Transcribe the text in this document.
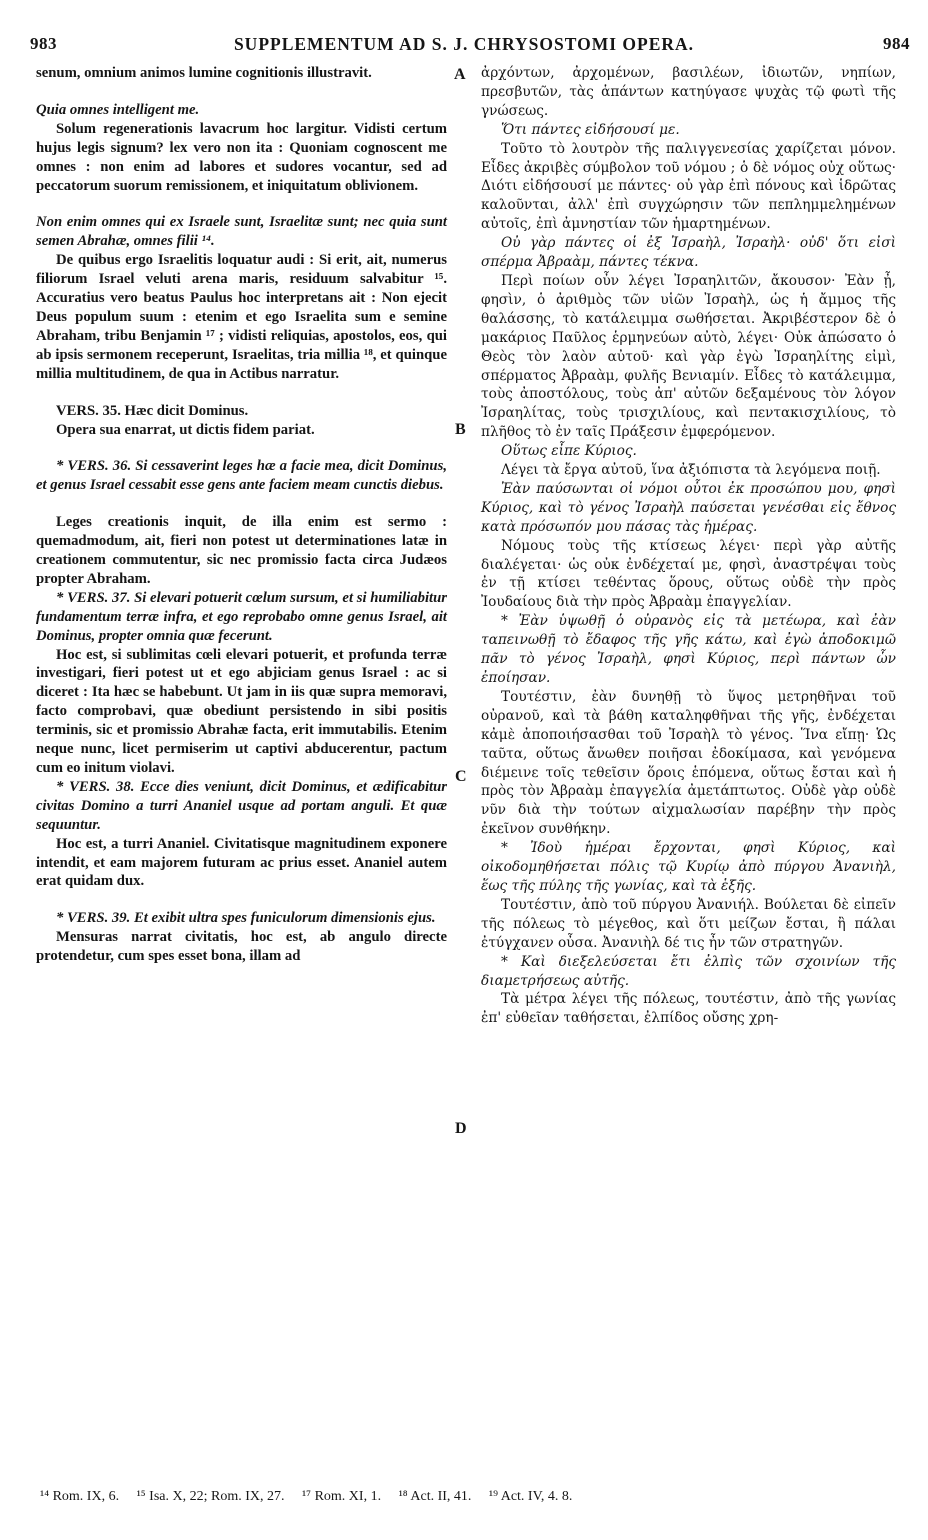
983	SUPPLEMENTUM AD S. J. CHRYSOSTOMI OPERA.	984
A
B
C
D

senum, omnium animos lumine cognitionis illustravit.

Quia omnes intelligent me.

Solum regenerationis lavacrum hoc largitur. Vidisti certum hujus legis signum? lex vero non ita : Quoniam cognoscent me omnes : non enim ad labores et sudores vocantur, sed ad peccatorum suorum remissionem, et iniquitatum oblivionem.

Non enim omnes qui ex Israele sunt, Israelitæ sunt; nec quia sunt semen Abrahæ, omnes filii ¹⁴.

De quibus ergo Israelitis loquatur audi : Si erit, ait, numerus filiorum Israel veluti arena maris, residuum salvabitur ¹⁵. Accuratius vero beatus Paulus hoc interpretans ait : Non ejecit Deus populum suum : etenim et ego Israelita sum e semine Abraham, tribu Benjamin ¹⁷ ; vidisti reliquias, apostolos, eos, qui ab ipsis sermonem receperunt, Israelitas, tria millia ¹⁸, et quinque millia multitudinem, de qua in Actibus narratur.

VERS. 35. Hæc dicit Dominus.

Opera sua enarrat, ut dictis fidem pariat.

* VERS. 36. Si cessaverint leges hæ a facie mea, dicit Dominus, et genus Israel cessabit esse gens ante faciem meam cunctis diebus.

Leges creationis inquit, de illa enim est sermo : quemadmodum, ait, fieri non potest ut determinationes latæ in creationem commutentur, sic nec promissio facta circa Judæos propter Abraham.

* VERS. 37. Si elevari potuerit cœlum sursum, et si humiliabitur fundamentum terræ infra, et ego reprobabo omne genus Israel, ait Dominus, propter omnia quæ fecerunt.

Hoc est, si sublimitas cœli elevari potuerit, et profunda terræ investigari, fieri potest ut et ego abjiciam genus Israel : ac si diceret : Ita hæc se habebunt. Ut jam in iis quæ supra memoravi, facto comprobavi, quæ obediunt persistendo in sibi positis terminis, sic et promissio Abrahæ facta, erit immutabilis. Etenim neque nunc, licet permiserim ut captivi abducerentur, pactum cum eo initum violavi.

* VERS. 38. Ecce dies veniunt, dicit Dominus, et ædificabitur civitas Domino a turri Ananiel usque ad portam anguli. Et quæ sequuntur.

Hoc est, a turri Ananiel. Civitatisque magnitudinem exponere intendit, et eam majorem futuram ac prius esset. Ananiel autem erat quidam dux.

* VERS. 39. Et exibit ultra spes funiculorum dimensionis ejus.

Mensuras narrat civitatis, hoc est, ab angulo directe protendetur, cum spes esset bona, illam ad

ἀρχόντων, ἀρχομένων, βασιλέων, ἰδιωτῶν, νηπίων, πρεσβυτῶν, τὰς ἁπάντων κατηύγασε ψυχὰς τῷ φωτὶ τῆς γνώσεως.

Ὅτι πάντες εἰδήσουσί με.

Τοῦτο τὸ λουτρὸν τῆς παλιγγενεσίας χαρίζεται μόνον. Εἶδες ἀκριβὲς σύμβολον τοῦ νόμου ; ὁ δὲ νόμος οὐχ οὕτως· Διότι εἰδήσουσί με πάντες· οὐ γὰρ ἐπὶ πόνους καὶ ἱδρῶτας καλοῦνται, ἀλλ' ἐπὶ συγχώρησιν τῶν πεπλημμελημένων αὐτοῖς, ἐπὶ ἀμνηστίαν τῶν ἡμαρτημένων.

Οὐ γὰρ πάντες οἱ ἐξ Ἰσραὴλ, Ἰσραὴλ· οὐδ' ὅτι εἰσὶ σπέρμα Ἀβραὰμ, πάντες τέκνα.

Περὶ ποίων οὖν λέγει Ἰσραηλιτῶν, ἄκουσον· Ἐὰν ᾖ, φησὶν, ὁ ἀριθμὸς τῶν υἱῶν Ἰσραὴλ, ὡς ἡ ἄμμος τῆς θαλάσσης, τὸ κατάλειμμα σωθήσεται. Ἀκριβέστερον δὲ ὁ μακάριος Παῦλος ἑρμηνεύων αὐτὸ, λέγει· Οὐκ ἀπώσατο ὁ Θεὸς τὸν λαὸν αὐτοῦ· καὶ γὰρ ἐγὼ Ἰσραηλίτης εἰμὶ, σπέρματος Ἀβραὰμ, φυλῆς Βενιαμίν. Εἶδες τὸ κατάλειμμα, τοὺς ἀποστόλους, τοὺς ἀπ' αὐτῶν δεξαμένους τὸν λόγον Ἰσραηλίτας, τοὺς τρισχιλίους, καὶ πεντακισχιλίους, τὸ πλῆθος τὸ ἐν ταῖς Πράξεσιν ἐμφερόμενον.

Οὕτως εἶπε Κύριος.

Λέγει τὰ ἔργα αὐτοῦ, ἵνα ἀξιόπιστα τὰ λεγόμενα ποιῇ.

Ἐὰν παύσωνται οἱ νόμοι οὗτοι ἐκ προσώπου μου, φησὶ Κύριος, καὶ τὸ γένος Ἰσραὴλ παύσεται γενέσθαι εἰς ἔθνος κατὰ πρόσωπόν μου πάσας τὰς ἡμέρας.

Νόμους τοὺς τῆς κτίσεως λέγει· περὶ γὰρ αὐτῆς διαλέγεται· ὡς οὐκ ἐνδέχεταί με, φησὶ, ἀναστρέψαι τοὺς ἐν τῇ κτίσει τεθέντας ὅρους, οὕτως οὐδὲ τὴν πρὸς Ἰουδαίους διὰ τὴν πρὸς Ἀβραὰμ ἐπαγγελίαν.

* Ἐὰν ὑψωθῇ ὁ οὐρανὸς εἰς τὰ μετέωρα, καὶ ἐὰν ταπεινωθῇ τὸ ἔδαφος τῆς γῆς κάτω, καὶ ἐγὼ ἀποδοκιμῶ πᾶν τὸ γένος Ἰσραὴλ, φησὶ Κύριος, περὶ πάντων ὧν ἐποίησαν.

Τουτέστιν, ἐὰν δυνηθῇ τὸ ὕψος μετρηθῆναι τοῦ οὐρανοῦ, καὶ τὰ βάθη καταληφθῆναι τῆς γῆς, ἐνδέχεται κἀμὲ ἀποποιήσασθαι τοῦ Ἰσραὴλ τὸ γένος. Ἵνα εἴπῃ· Ὡς ταῦτα, οὕτως ἄνωθεν ποιῆσαι ἐδοκίμασα, καὶ γενόμενα διέμεινε τοῖς τεθεῖσιν ὅροις ἑπόμενα, οὕτως ἔσται καὶ ἡ πρὸς τὸν Ἀβραὰμ ἐπαγγελία ἀμετάπτωτος. Οὐδὲ γὰρ οὐδὲ νῦν διὰ τὴν τούτων αἰχμαλωσίαν παρέβην τὴν πρὸς ἐκεῖνον συνθήκην.

* Ἰδοὺ ἡμέραι ἔρχονται, φησὶ Κύριος, καὶ οἰκοδομηθήσεται πόλις τῷ Κυρίῳ ἀπὸ πύργου Ἀνανιὴλ, ἕως τῆς πύλης τῆς γωνίας, καὶ τὰ ἑξῆς.

Τουτέστιν, ἀπὸ τοῦ πύργου Ἀνανιήλ. Βούλεται δὲ εἰπεῖν τῆς πόλεως τὸ μέγεθος, καὶ ὅτι μείζων ἔσται, ἢ πάλαι ἐτύγχανεν οὖσα. Ἀνανιὴλ δέ τις ἦν τῶν στρατηγῶν.

* Καὶ διεξελεύσεται ἔτι ἐλπὶς τῶν σχοινίων τῆς διαμετρήσεως αὐτῆς.

Τὰ μέτρα λέγει τῆς πόλεως, τουτέστιν, ἀπὸ τῆς γωνίας ἐπ' εὐθεῖαν ταθήσεται, ἐλπίδος οὔσης χρη-

¹⁴ Rom. IX, 6. ¹⁵ Isa. X, 22; Rom. IX, 27. ¹⁷ Rom. XI, 1. ¹⁸ Act. II, 41. ¹⁹ Act. IV, 4. 8.
